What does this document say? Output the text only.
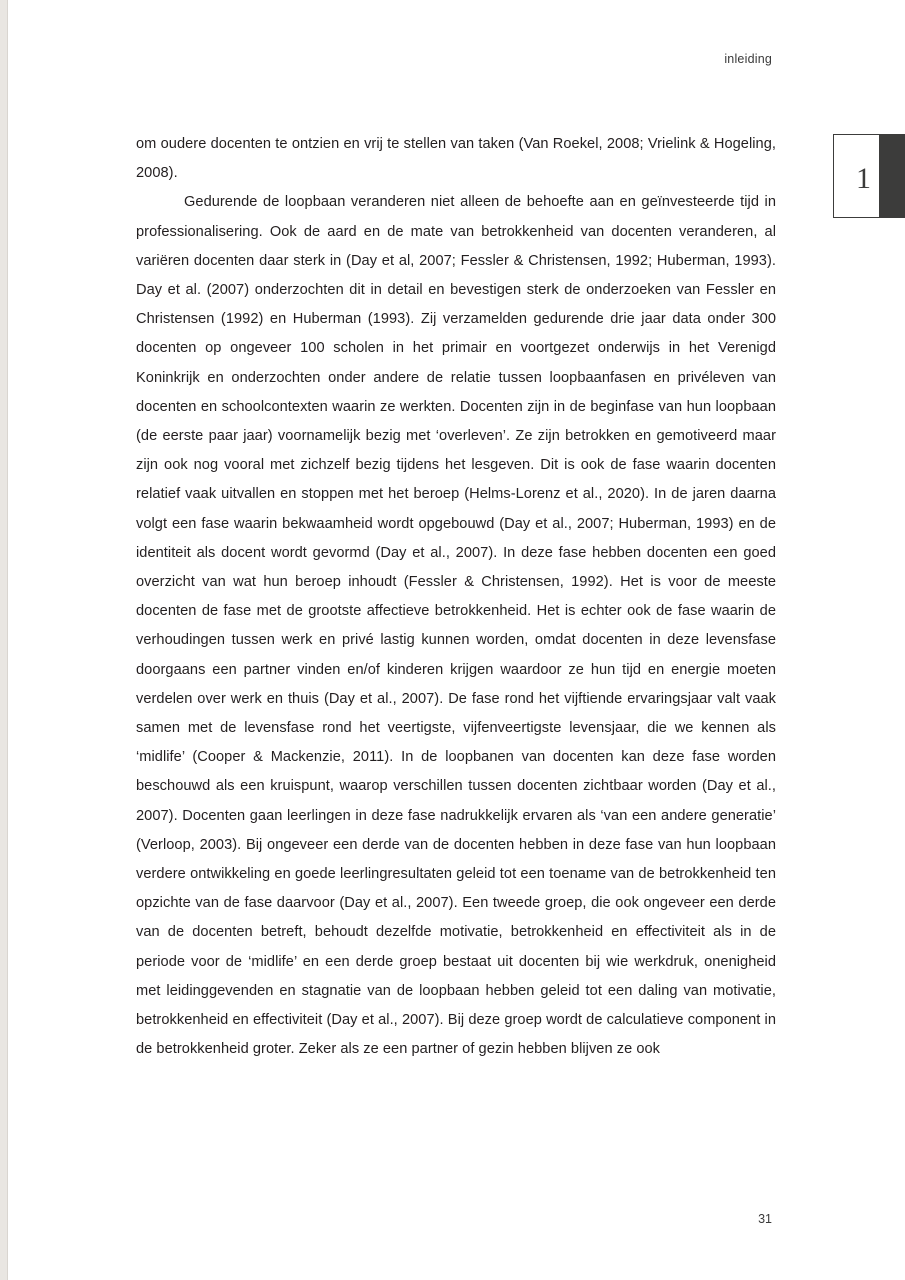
inleiding
1

om oudere docenten te ontzien en vrij te stellen van taken (Van Roekel, 2008; Vrielink & Hogeling, 2008).

Gedurende de loopbaan veranderen niet alleen de behoefte aan en geïnvesteerde tijd in professionalisering. Ook de aard en de mate van betrokkenheid van docenten veranderen, al variëren docenten daar sterk in (Day et al, 2007; Fessler & Christensen, 1992; Huberman, 1993). Day et al. (2007) onderzochten dit in detail en bevestigen sterk de onderzoeken van Fessler en Christensen (1992) en Huberman (1993). Zij verzamelden gedurende drie jaar data onder 300 docenten op ongeveer 100 scholen in het primair en voortgezet onderwijs in het Verenigd Koninkrijk en onderzochten onder andere de relatie tussen loopbaanfasen en privéleven van docenten en schoolcontexten waarin ze werkten. Docenten zijn in de beginfase van hun loopbaan (de eerste paar jaar) voornamelijk bezig met ‘overleven’. Ze zijn betrokken en gemotiveerd maar zijn ook nog vooral met zichzelf bezig tijdens het lesgeven. Dit is ook de fase waarin docenten relatief vaak uitvallen en stoppen met het beroep (Helms-Lorenz et al., 2020). In de jaren daarna volgt een fase waarin bekwaamheid wordt opgebouwd (Day et al., 2007; Huberman, 1993) en de identiteit als docent wordt gevormd (Day et al., 2007). In deze fase hebben docenten een goed overzicht van wat hun beroep inhoudt (Fessler & Christensen, 1992). Het is voor de meeste docenten de fase met de grootste affectieve betrokkenheid. Het is echter ook de fase waarin de verhoudingen tussen werk en privé lastig kunnen worden, omdat docenten in deze levensfase doorgaans een partner vinden en/of kinderen krijgen waardoor ze hun tijd en energie moeten verdelen over werk en thuis (Day et al., 2007). De fase rond het vijftiende ervaringsjaar valt vaak samen met de levensfase rond het veertigste, vijfenveertigste levensjaar, die we kennen als ‘midlife’ (Cooper & Mackenzie, 2011). In de loopbanen van docenten kan deze fase worden beschouwd als een kruispunt, waarop verschillen tussen docenten zichtbaar worden (Day et al., 2007). Docenten gaan leerlingen in deze fase nadrukkelijk ervaren als ‘van een andere generatie’ (Verloop, 2003). Bij ongeveer een derde van de docenten hebben in deze fase van hun loopbaan verdere ontwikkeling en goede leerlingresultaten geleid tot een toename van de betrokkenheid ten opzichte van de fase daarvoor (Day et al., 2007). Een tweede groep, die ook ongeveer een derde van de docenten betreft, behoudt dezelfde motivatie, betrokkenheid en effectiviteit als in de periode voor de ‘midlife’ en een derde groep bestaat uit docenten bij wie werkdruk, onenigheid met leidinggevenden en stagnatie van de loopbaan hebben geleid tot een daling van motivatie, betrokkenheid en effectiviteit (Day et al., 2007). Bij deze groep wordt de calculatieve component in de betrokkenheid groter. Zeker als ze een partner of gezin hebben blijven ze ook

31
